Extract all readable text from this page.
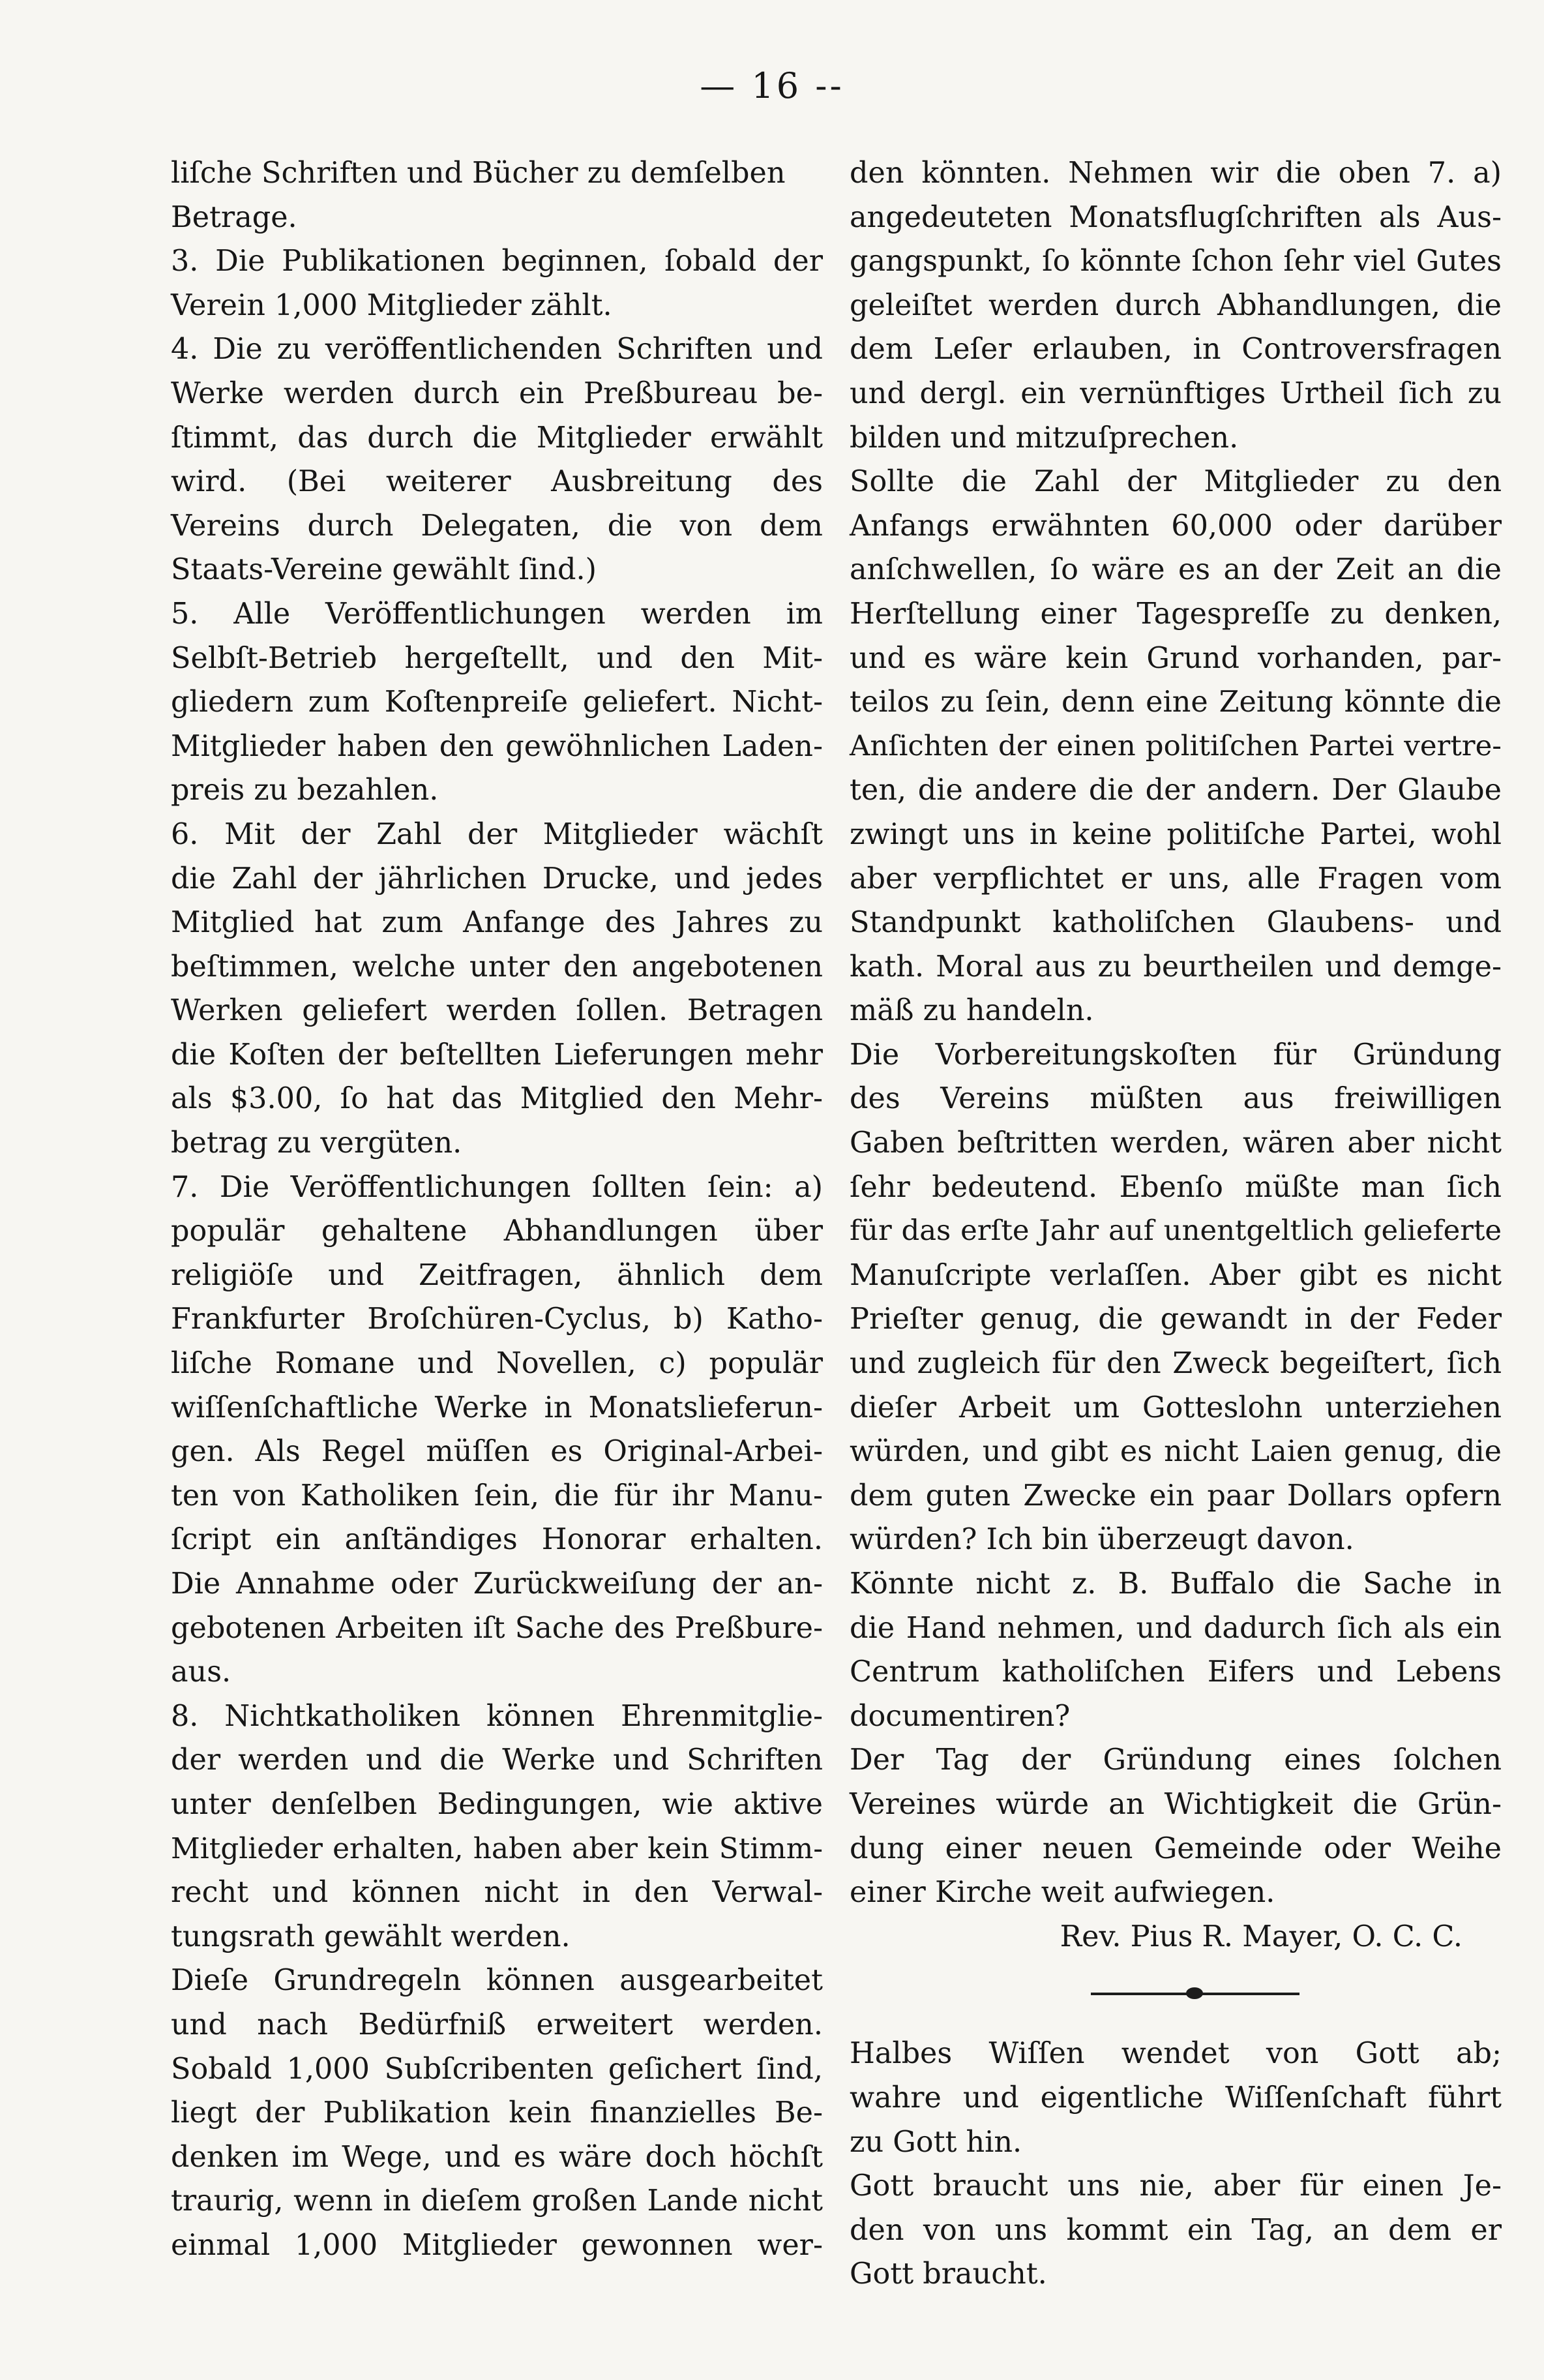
— 16 --
liſche Schriften und Bücher zu demſelben
Betrage.
3. Die Publikationen beginnen, ſobald der
Verein 1,000 Mitglieder zählt.
4. Die zu veröffentlichenden Schriften und
Werke werden durch ein Preßbureau be-
ſtimmt, das durch die Mitglieder erwählt
wird. (Bei weiterer Ausbreitung des
Vereins durch Delegaten, die von dem
Staats-Vereine gewählt ſind.)
5. Alle Veröffentlichungen werden im
Selbſt-Betrieb hergeſtellt, und den Mit-
gliedern zum Koſtenpreiſe geliefert. Nicht-
Mitglieder haben den gewöhnlichen Laden-
preis zu bezahlen.
6. Mit der Zahl der Mitglieder wächſt
die Zahl der jährlichen Drucke, und jedes
Mitglied hat zum Anfange des Jahres zu
beſtimmen, welche unter den angebotenen
Werken geliefert werden ſollen. Betragen
die Koſten der beſtellten Lieferungen mehr
als $3.00, ſo hat das Mitglied den Mehr-
betrag zu vergüten.
7. Die Veröffentlichungen ſollten ſein: a)
populär gehaltene Abhandlungen über
religiöſe und Zeitfragen, ähnlich dem
Frankfurter Broſchüren-Cyclus, b) Katho-
liſche Romane und Novellen, c) populär
wiſſenſchaftliche Werke in Monatslieferun-
gen. Als Regel müſſen es Original-Arbei-
ten von Katholiken ſein, die für ihr Manu-
ſcript ein anſtändiges Honorar erhalten.
Die Annahme oder Zurückweiſung der an-
gebotenen Arbeiten iſt Sache des Preßbure-
aus.
8. Nichtkatholiken können Ehrenmitglie-
der werden und die Werke und Schriften
unter denſelben Bedingungen, wie aktive
Mitglieder erhalten, haben aber kein Stimm-
recht und können nicht in den Verwal-
tungsrath gewählt werden.
Dieſe Grundregeln können ausgearbeitet
und nach Bedürfniß erweitert werden.
Sobald 1,000 Subſcribenten geſichert ſind,
liegt der Publikation kein finanzielles Be-
denken im Wege, und es wäre doch höchſt
traurig, wenn in dieſem großen Lande nicht
einmal 1,000 Mitglieder gewonnen wer-
den könnten. Nehmen wir die oben 7. a)
angedeuteten Monatsflugſchriften als Aus-
gangspunkt, ſo könnte ſchon ſehr viel Gutes
geleiſtet werden durch Abhandlungen, die
dem Leſer erlauben, in Controversfragen
und dergl. ein vernünftiges Urtheil ſich zu
bilden und mitzuſprechen.
Sollte die Zahl der Mitglieder zu den
Anfangs erwähnten 60,000 oder darüber
anſchwellen, ſo wäre es an der Zeit an die
Herſtellung einer Tagespreſſe zu denken,
und es wäre kein Grund vorhanden, par-
teilos zu ſein, denn eine Zeitung könnte die
Anſichten der einen politiſchen Partei vertre-
ten, die andere die der andern. Der Glaube
zwingt uns in keine politiſche Partei, wohl
aber verpflichtet er uns, alle Fragen vom
Standpunkt katholiſchen Glaubens- und
kath. Moral aus zu beurtheilen und demge-
mäß zu handeln.
Die Vorbereitungskoſten für Gründung
des Vereins müßten aus freiwilligen
Gaben beſtritten werden, wären aber nicht
ſehr bedeutend. Ebenſo müßte man ſich
für das erſte Jahr auf unentgeltlich gelieferte
Manuſcripte verlaſſen. Aber gibt es nicht
Prieſter genug, die gewandt in der Feder
und zugleich für den Zweck begeiſtert, ſich
dieſer Arbeit um Gotteslohn unterziehen
würden, und gibt es nicht Laien genug, die
dem guten Zwecke ein paar Dollars opfern
würden? Ich bin überzeugt davon.
Könnte nicht z. B. Buffalo die Sache in
die Hand nehmen, und dadurch ſich als ein
Centrum katholiſchen Eifers und Lebens
documentiren?
Der Tag der Gründung eines ſolchen
Vereines würde an Wichtigkeit die Grün-
dung einer neuen Gemeinde oder Weihe
einer Kirche weit aufwiegen.
Rev. Pius R. Mayer, O. C. C.
Halbes Wiſſen wendet von Gott ab;
wahre und eigentliche Wiſſenſchaft führt
zu Gott hin.
Gott braucht uns nie, aber für einen Je-
den von uns kommt ein Tag, an dem er
Gott braucht.
